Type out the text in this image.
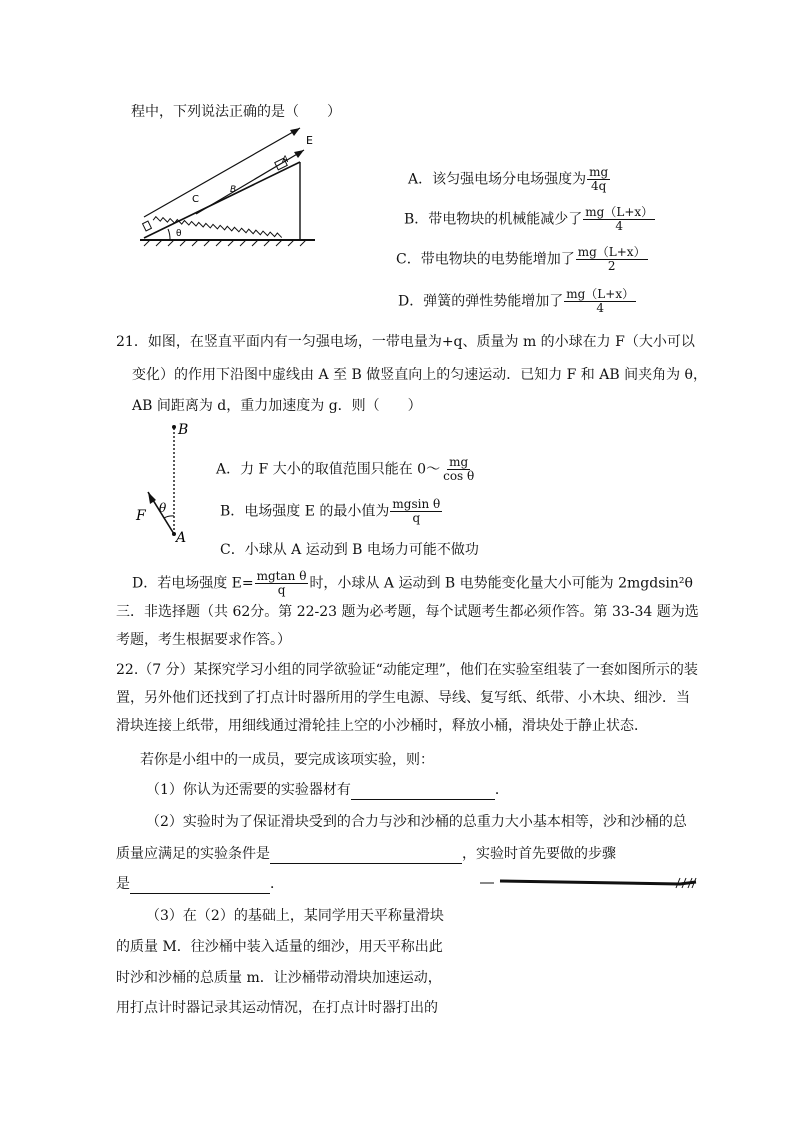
程中，下列说法正确的是（　　）
E
C
B
A
θ
A．该匀强电场分电场强度为 $\frac{mg}{4q}$
B．带电物块的机械能减少了 $\frac{mg(L+x)}{4}$
C．带电物块的电势能增加了 $\frac{mg(L+x)}{2}$
D．弹簧的弹性势能增加了 $\frac{mg(L+x)}{4}$
21．如图，在竖直平面内有一匀强电场，一带电量为+q、质量为 m 的小球在力 F（大小可以
变化）的作用下沿图中虚线由 A 至 B 做竖直向上的匀速运动．已知力 F 和 AB 间夹角为 θ，
AB 间距离为 d，重力加速度为 g．则（　　）
B
A
F θ
A．力 F 大小的取值范围只能在 0～ $\frac{mg}{\text{cos θ}}$
B．电场强度 E 的最小值为 $\frac{\text{mgsin θ}}{q}$
C．小球从 A 运动到 B 电场力可能不做功
D．若电场强度 $E= \frac{\text{mgtan θ}}{q}$ 时，小球从 A 运动到 B 电势能变化量大小可能为 2mgdsin²θ
三．非选择题（共 62分。第 22-23 题为必考题，每个试题考生都必须作答。第 33-34 题为选
考题，考生根据要求作答。）
22.（7 分）某探究学习小组的同学欲验证“动能定理”，他们在实验室组装了一套如图所示的装
置，另外他们还找到了打点计时器所用的学生电源、导线、复写纸、纸带、小木块、细沙．当
滑块连接上纸带，用细线通过滑轮挂上空的小沙桶时，释放小桶，滑块处于静止状态．
若你是小组中的一成员，要完成该项实验，则：
（1）你认为还需要的实验器材有	．
（2）实验时为了保证滑块受到的合力与沙和沙桶的总重力大小基本相等，沙和沙桶的总
质量应满足的实验条件是	，实验时首先要做的步骤
是	．
（3）在（2）的基础上，某同学用天平称量滑块
的质量 M．往沙桶中装入适量的细沙，用天平称出此
时沙和沙桶的总质量 m．让沙桶带动滑块加速运动，
用打点计时器记录其运动情况，在打点计时器打出的
